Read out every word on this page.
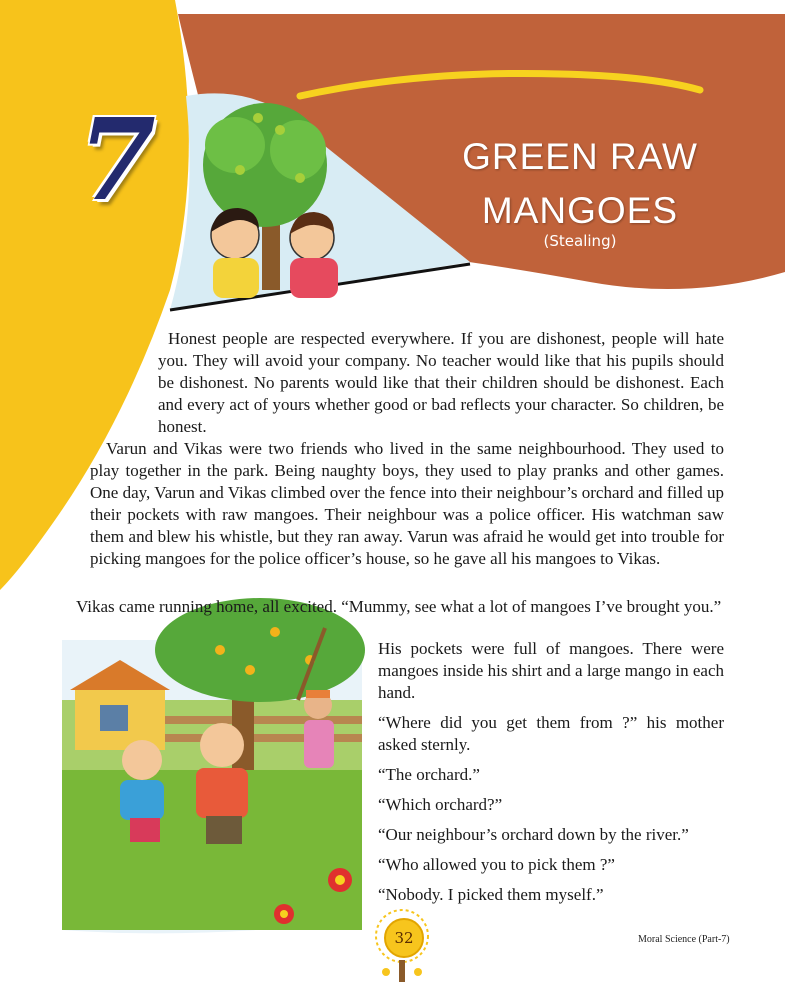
7	GREEN RAW MANGOES
(Stealing)

Honest people are respected everywhere. If you are dishonest, people will hate you. They will avoid your company. No teacher would like that his pupils should be dishonest. No parents would like that their children should be dishonest. Each and every act of yours whether good or bad reflects your character. So children, be honest.

Varun and Vikas were two friends who lived in the same neighbourhood. They used to play together in the park. Being naughty boys, they used to play pranks and other games. One day, Varun and Vikas climbed over the fence into their neighbour’s orchard and filled up their pockets with raw mangoes. Their neighbour was a police officer. His watchman saw them and blew his whistle, but they ran away. Varun was afraid he would get into trouble for picking mangoes for the police officer’s house, so he gave all his mangoes to Vikas.

Vikas came running home, all excited. “Mummy, see what a lot of mangoes I’ve brought you.”

His pockets were full of mangoes. There were mangoes inside his shirt and a large mango in each hand.

“Where did you get them from ?” his mother asked sternly.

“The orchard.”

“Which orchard?”

“Our neighbour’s orchard down by the river.”

“Who allowed you to pick them ?”

“Nobody. I picked them myself.”

32	Moral Science (Part-7)
